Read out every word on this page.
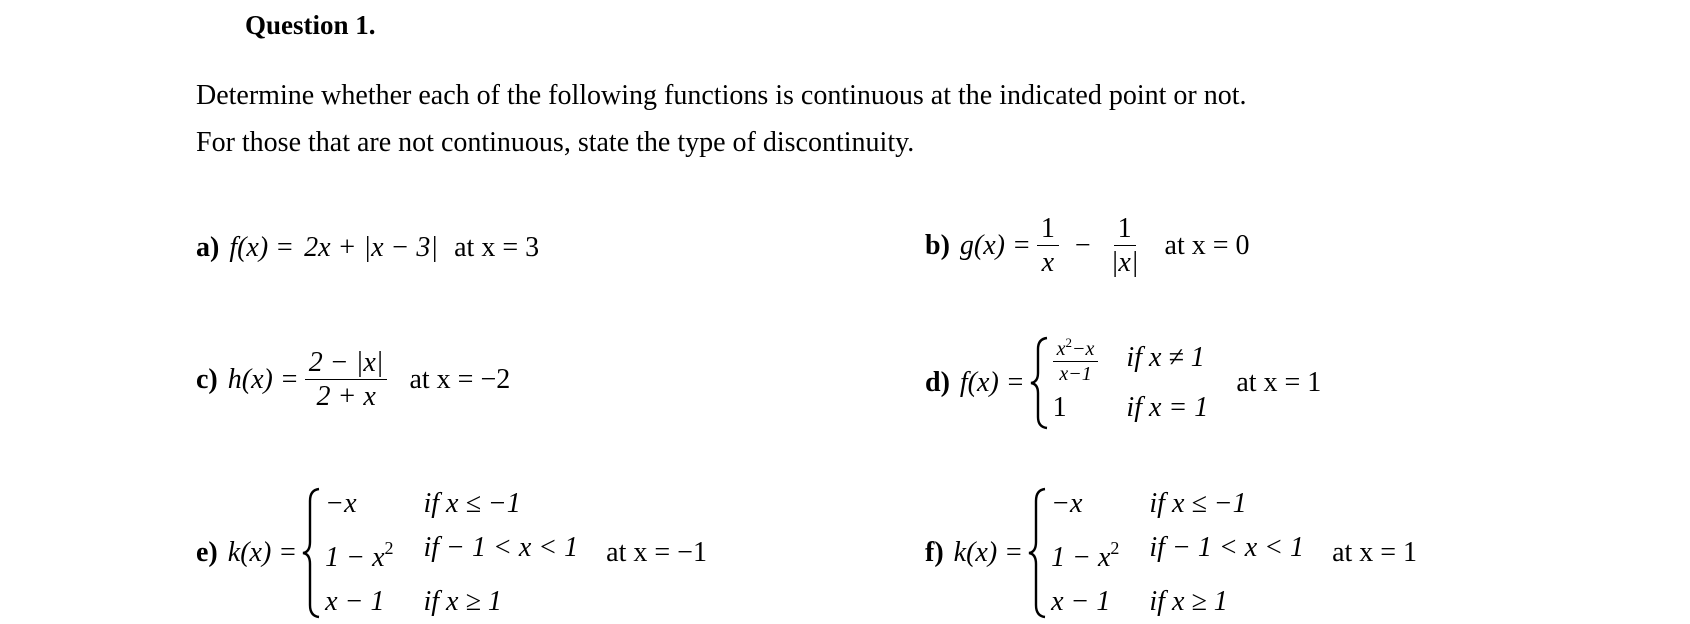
Question 1.
Determine whether each of the following functions is continuous at the indicated point or not.
For those that are not continuous, state the type of discontinuity.
a) f(x) = 2x + |x − 3| at x = 3	b) $g(x) = \frac{1}{x} - \frac{1}{|x|}$ at x = 0
c) $h(x) = \frac{2 - |x|}{2 + x}$ at x = −2	d) $f(x) = \frac{x^2-x}{x-1}$ if x ≠ 1
1	if x = 1
at x = 1
e) k(x) =
−x	if x ≤ −1
$1 - x^2$ if − 1 < x < 1
x − 1	if x ≥ 1
at x = −1	f) k(x) =
−x	if x ≤ −1
$1 - x^2$ if − 1 < x < 1
x − 1	if x ≥ 1
at x = 1
